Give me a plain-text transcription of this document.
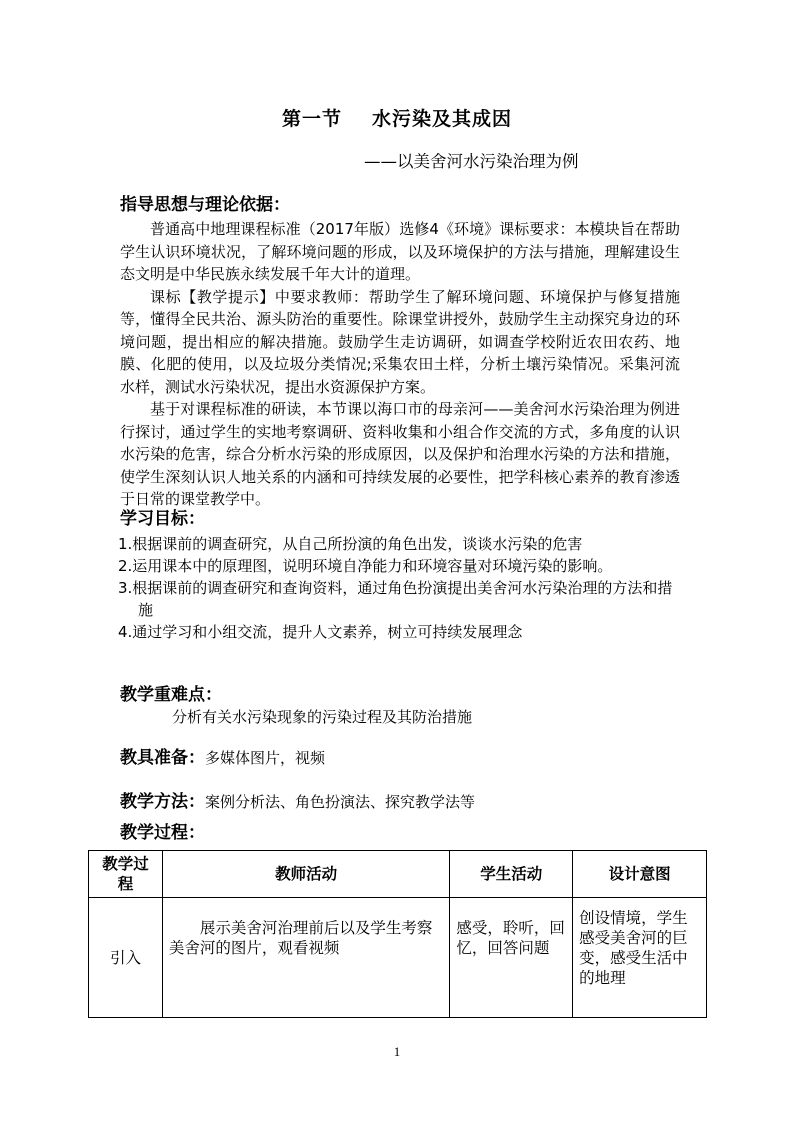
第一节 水污染及其成因
——以美舍河水污染治理为例
指导思想与理论依据：

普通高中地理课程标准（2017年版）选修4《环境》课标要求：本模块旨在帮助学生认识环境状况，了解环境问题的形成，以及环境保护的方法与措施，理解建设生态文明是中华民族永续发展千年大计的道理。

课标【教学提示】中要求教师：帮助学生了解环境问题、环境保护与修复措施等，懂得全民共治、源头防治的重要性。除课堂讲授外，鼓励学生主动探究身边的环境问题，提出相应的解决措施。鼓励学生走访调研，如调查学校附近农田农药、地膜、化肥的使用，以及垃圾分类情况;采集农田土样，分析土壤污染情况。采集河流水样，测试水污染状况，提出水资源保护方案。

基于对课程标准的研读，本节课以海口市的母亲河——美舍河水污染治理为例进行探讨，通过学生的实地考察调研、资料收集和小组合作交流的方式，多角度的认识水污染的危害，综合分析水污染的形成原因，以及保护和治理水污染的方法和措施，使学生深刻认识人地关系的内涵和可持续发展的必要性，把学科核心素养的教育渗透于日常的课堂教学中。

学习目标：
1.根据课前的调查研究，从自己所扮演的角色出发，谈谈水污染的危害
2.运用课本中的原理图，说明环境自净能力和环境容量对环境污染的影响。
3.根据课前的调查研究和查询资料，通过角色扮演提出美舍河水污染治理的方法和措施
4.通过学习和小组交流，提升人文素养，树立可持续发展理念
教学重难点：
分析有关水污染现象的污染过程及其防治措施
教具准备：多媒体图片，视频
教学方法：案例分析法、角色扮演法、探究教学法等
教学过程：
教学过程	教师活动	学生活动	设计意图
引入	展示美舍河治理前后以及学生考察美舍河的图片，观看视频	感受，聆听，回忆，回答问题	创设情境，学生感受美舍河的巨变，感受生活中的地理
1
